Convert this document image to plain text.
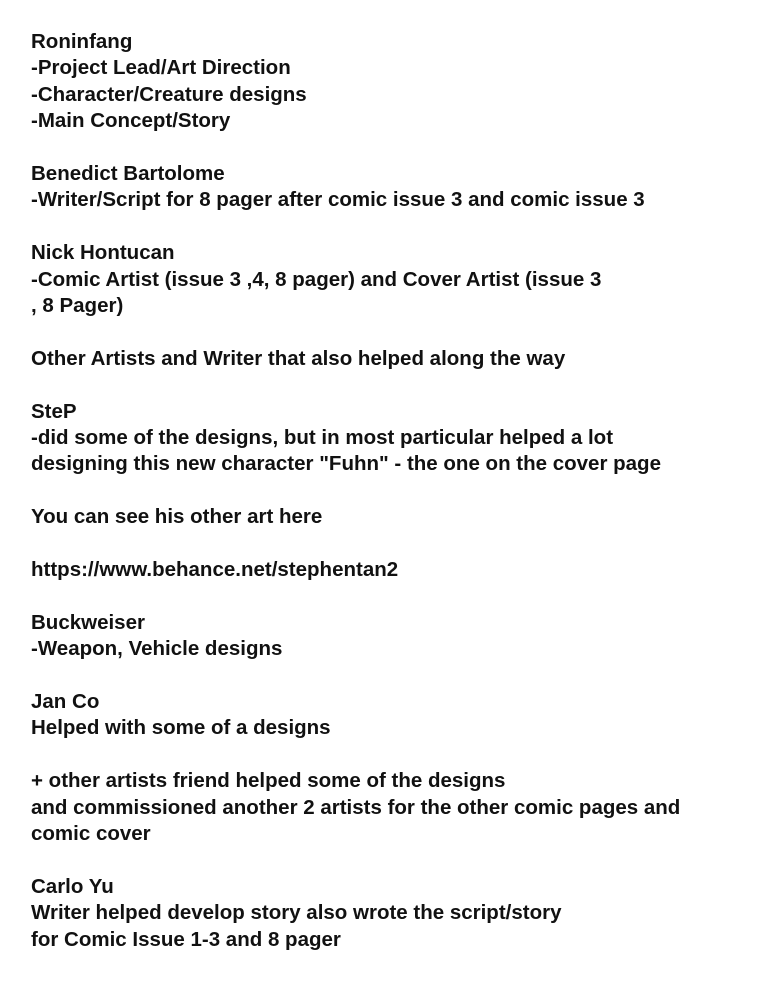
Roninfang
-Project Lead/Art Direction
-Character/Creature designs
-Main Concept/Story
Benedict Bartolome
-Writer/Script for 8 pager after comic issue 3 and comic issue 3
Nick Hontucan
-Comic Artist (issue 3 ,4, 8 pager) and Cover Artist (issue 3
, 8 Pager)
Other Artists and Writer that also helped along the way
SteP
-did some of the designs, but in most particular helped a lot
designing this new character "Fuhn" - the one on the cover page
You can see his other art here
https://www.behance.net/stephentan2
Buckweiser
-Weapon, Vehicle designs
Jan Co
Helped with some of a designs
+ other artists friend helped some of the designs
and commissioned another 2 artists for the other comic pages and
comic cover
Carlo Yu
Writer helped develop story also wrote the script/story
for Comic Issue 1-3 and 8 pager
